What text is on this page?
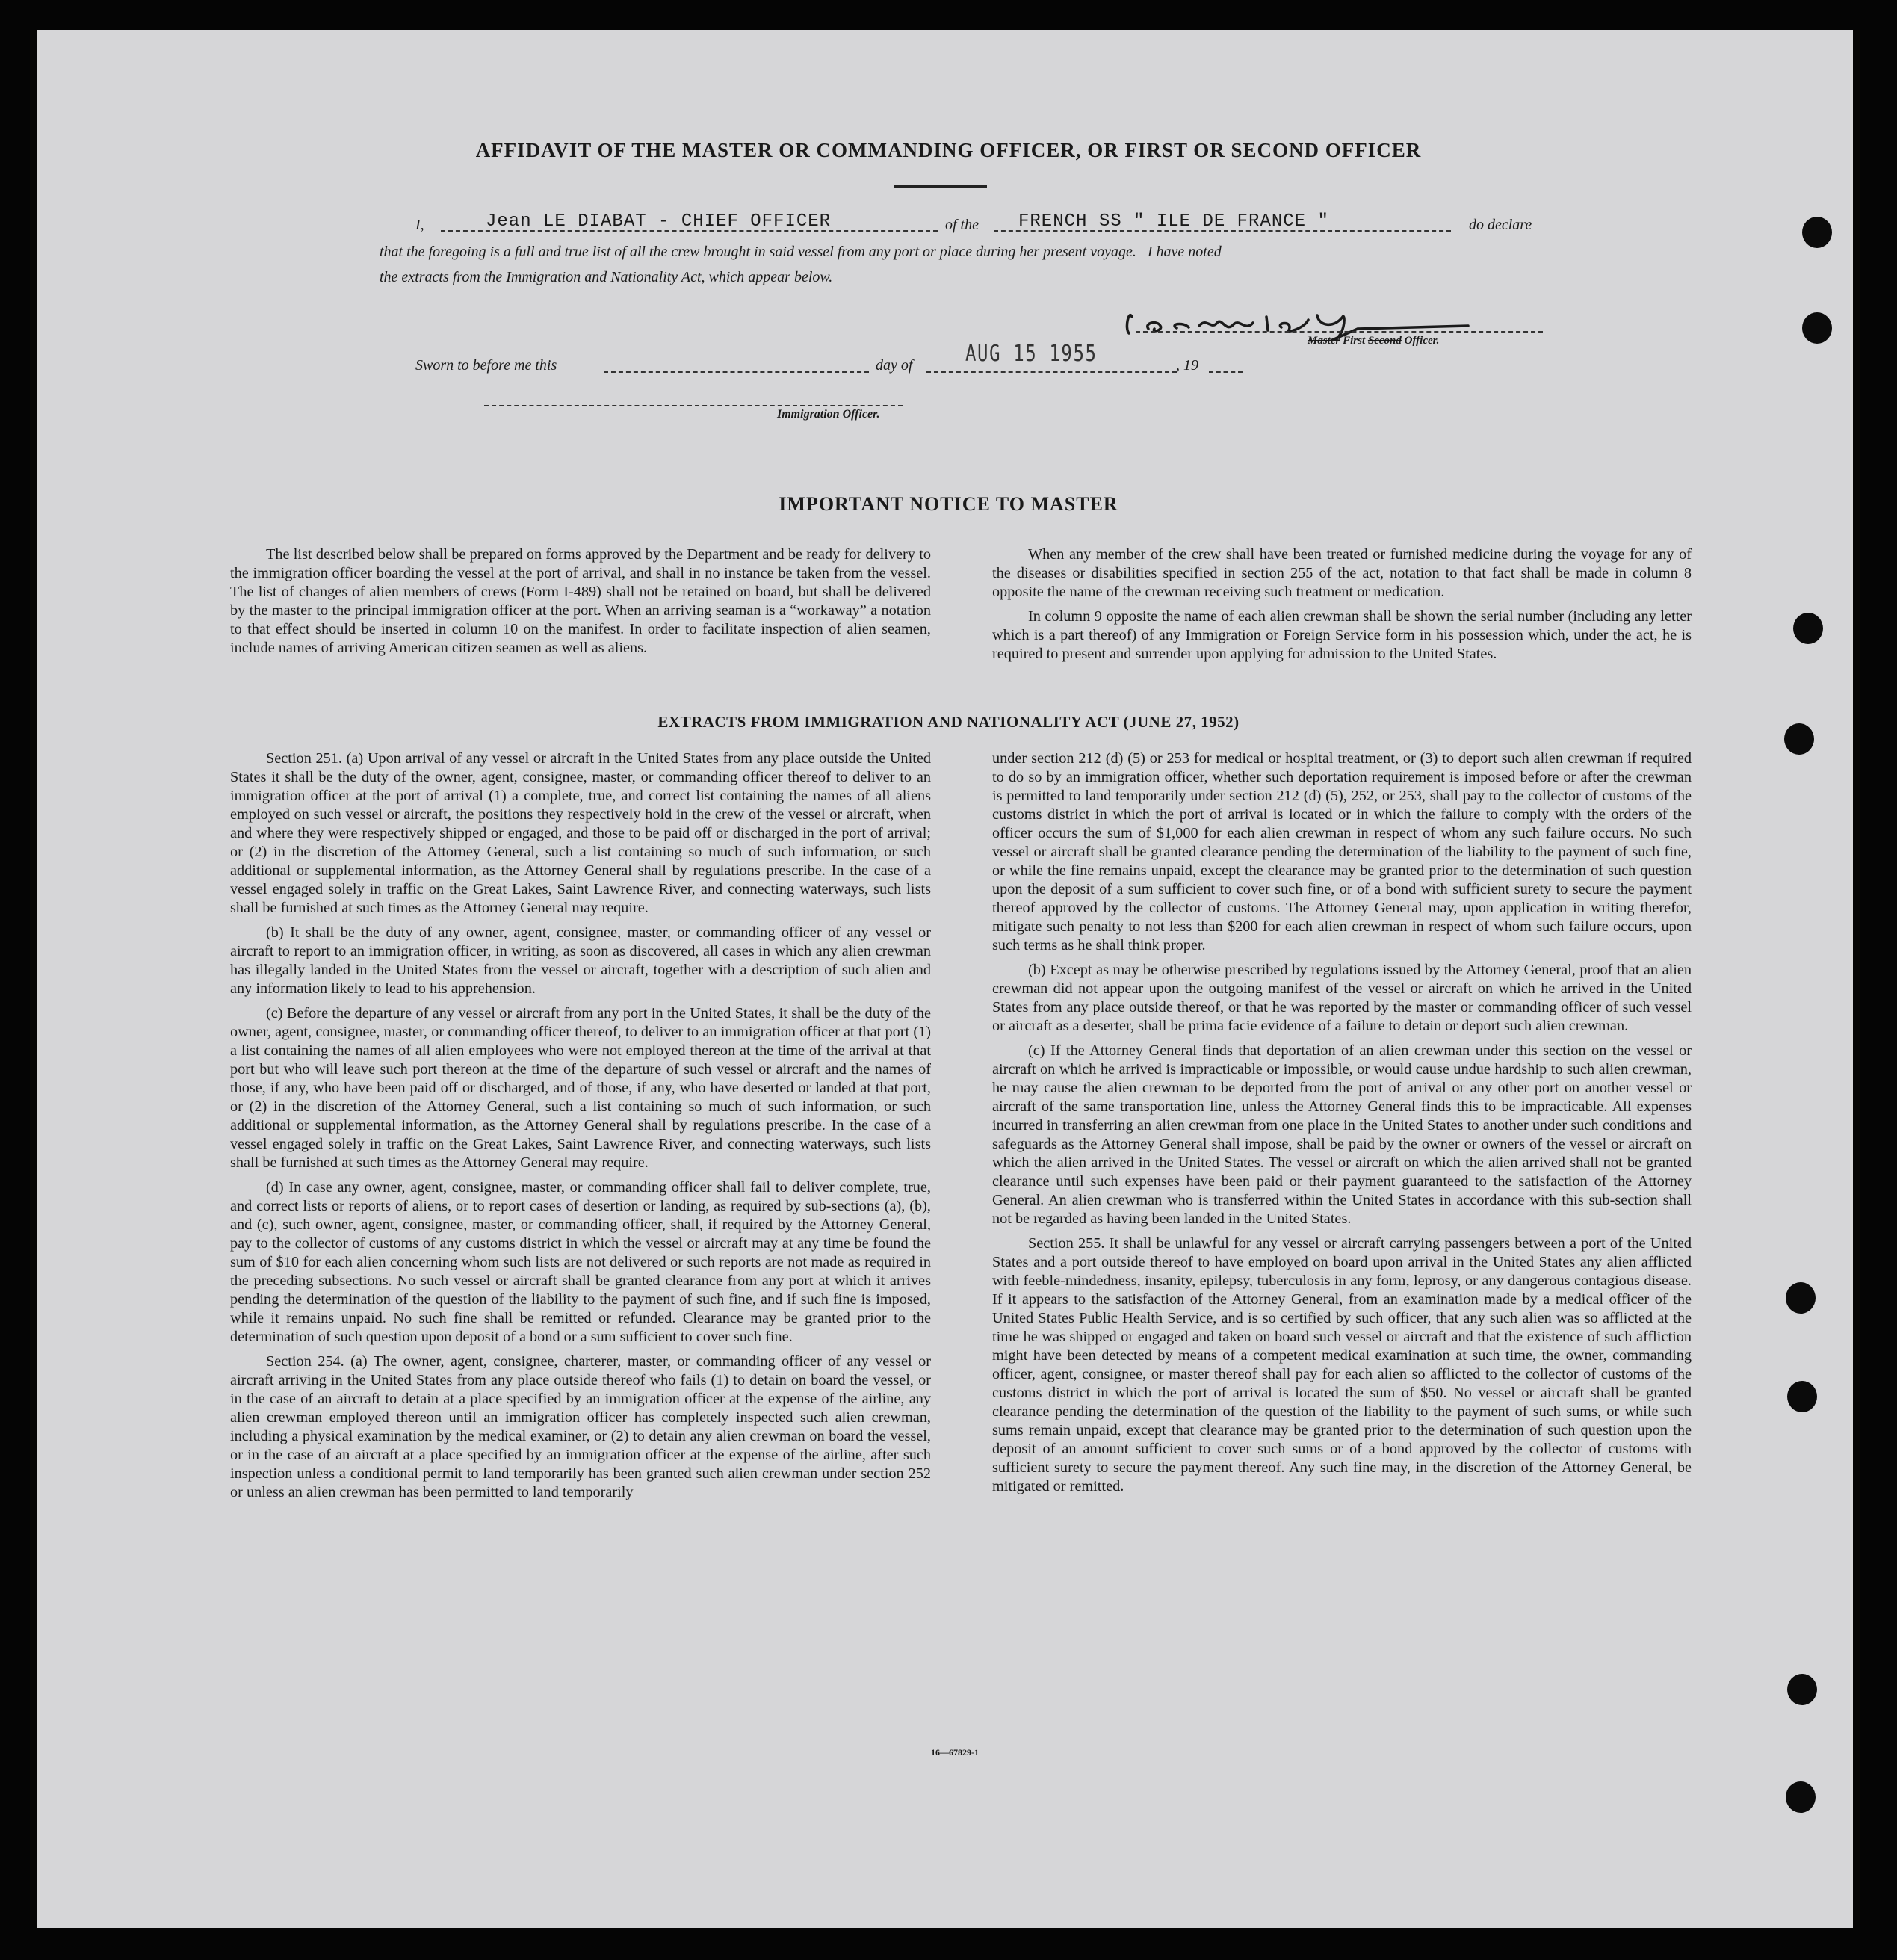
AFFIDAVIT OF THE MASTER OR COMMANDING OFFICER, OR FIRST OR SECOND OFFICER
I,	Jean LE DIABAT - CHIEF OFFICER	of the FRENCH SS " ILE DE FRANCE "	do declare
that the foregoing is a full and true list of all the crew brought in said vessel from any port or place during her present voyage.   I have noted
the extracts from the Immigration and Nationality Act, which appear below.
Master First Second Officer.
Sworn to before me this	day of AUG 15 1955	, 19
Immigration Officer.
IMPORTANT NOTICE TO MASTER

The list described below shall be prepared on forms approved by the Department and be ready for delivery to the immigration officer boarding the vessel at the port of arrival, and shall in no instance be taken from the vessel. The list of changes of alien members of crews (Form I-489) shall not be retained on board, but shall be delivered by the master to the principal immigration officer at the port. When an arriving seaman is a “workaway” a notation to that effect should be inserted in column 10 on the manifest. In order to facilitate inspection of alien seamen, include names of arriving American citizen seamen as well as aliens.

When any member of the crew shall have been treated or furnished medicine during the voyage for any of the diseases or disabilities specified in section 255 of the act, notation to that fact shall be made in column 8 opposite the name of the crewman receiving such treatment or medication.

In column 9 opposite the name of each alien crewman shall be shown the serial number (including any letter which is a part thereof) of any Immigration or Foreign Service form in his possession which, under the act, he is required to present and surrender upon applying for admission to the United States.

EXTRACTS FROM IMMIGRATION AND NATIONALITY ACT (JUNE 27, 1952)

Section 251. (a) Upon arrival of any vessel or aircraft in the United States from any place outside the United States it shall be the duty of the owner, agent, consignee, master, or commanding officer thereof to deliver to an immigration officer at the port of arrival (1) a complete, true, and correct list containing the names of all aliens employed on such vessel or aircraft, the positions they respectively hold in the crew of the vessel or aircraft, when and where they were respectively shipped or engaged, and those to be paid off or discharged in the port of arrival; or (2) in the discretion of the Attorney General, such a list containing so much of such information, or such additional or supplemental information, as the Attorney General shall by regulations prescribe. In the case of a vessel engaged solely in traffic on the Great Lakes, Saint Lawrence River, and connecting waterways, such lists shall be furnished at such times as the Attorney General may require.

(b) It shall be the duty of any owner, agent, consignee, master, or commanding officer of any vessel or aircraft to report to an immigration officer, in writing, as soon as discovered, all cases in which any alien crewman has illegally landed in the United States from the vessel or aircraft, together with a description of such alien and any information likely to lead to his apprehension.

(c) Before the departure of any vessel or aircraft from any port in the United States, it shall be the duty of the owner, agent, consignee, master, or commanding officer thereof, to deliver to an immigration officer at that port (1) a list containing the names of all alien employees who were not employed thereon at the time of the arrival at that port but who will leave such port thereon at the time of the departure of such vessel or aircraft and the names of those, if any, who have been paid off or discharged, and of those, if any, who have deserted or landed at that port, or (2) in the discretion of the Attorney General, such a list containing so much of such information, or such additional or supplemental information, as the Attorney General shall by regulations prescribe. In the case of a vessel engaged solely in traffic on the Great Lakes, Saint Lawrence River, and connecting waterways, such lists shall be furnished at such times as the Attorney General may require.

(d) In case any owner, agent, consignee, master, or commanding officer shall fail to deliver complete, true, and correct lists or reports of aliens, or to report cases of desertion or landing, as required by sub-sections (a), (b), and (c), such owner, agent, consignee, master, or commanding officer, shall, if required by the Attorney General, pay to the collector of customs of any customs district in which the vessel or aircraft may at any time be found the sum of $10 for each alien concerning whom such lists are not delivered or such reports are not made as required in the preceding subsections. No such vessel or aircraft shall be granted clearance from any port at which it arrives pending the determination of the question of the liability to the payment of such fine, and if such fine is imposed, while it remains unpaid. No such fine shall be remitted or refunded. Clearance may be granted prior to the determination of such question upon deposit of a bond or a sum sufficient to cover such fine.

Section 254. (a) The owner, agent, consignee, charterer, master, or commanding officer of any vessel or aircraft arriving in the United States from any place outside thereof who fails (1) to detain on board the vessel, or in the case of an aircraft to detain at a place specified by an immigration officer at the expense of the airline, any alien crewman employed thereon until an immigration officer has completely inspected such alien crewman, including a physical examination by the medical examiner, or (2) to detain any alien crewman on board the vessel, or in the case of an aircraft at a place specified by an immigration officer at the expense of the airline, after such inspection unless a conditional permit to land temporarily has been granted such alien crewman under section 252 or unless an alien crewman has been permitted to land temporarily

under section 212 (d) (5) or 253 for medical or hospital treatment, or (3) to deport such alien crewman if required to do so by an immigration officer, whether such deportation requirement is imposed before or after the crewman is permitted to land temporarily under section 212 (d) (5), 252, or 253, shall pay to the collector of customs of the customs district in which the port of arrival is located or in which the failure to comply with the orders of the officer occurs the sum of $1,000 for each alien crewman in respect of whom any such failure occurs. No such vessel or aircraft shall be granted clearance pending the determination of the liability to the payment of such fine, or while the fine remains unpaid, except the clearance may be granted prior to the determination of such question upon the deposit of a sum sufficient to cover such fine, or of a bond with sufficient surety to secure the payment thereof approved by the collector of customs. The Attorney General may, upon application in writing therefor, mitigate such penalty to not less than $200 for each alien crewman in respect of whom such failure occurs, upon such terms as he shall think proper.

(b) Except as may be otherwise prescribed by regulations issued by the Attorney General, proof that an alien crewman did not appear upon the outgoing manifest of the vessel or aircraft on which he arrived in the United States from any place outside thereof, or that he was reported by the master or commanding officer of such vessel or aircraft as a deserter, shall be prima facie evidence of a failure to detain or deport such alien crewman.

(c) If the Attorney General finds that deportation of an alien crewman under this section on the vessel or aircraft on which he arrived is impracticable or impossible, or would cause undue hardship to such alien crewman, he may cause the alien crewman to be deported from the port of arrival or any other port on another vessel or aircraft of the same transportation line, unless the Attorney General finds this to be impracticable. All expenses incurred in transferring an alien crewman from one place in the United States to another under such conditions and safeguards as the Attorney General shall impose, shall be paid by the owner or owners of the vessel or aircraft on which the alien arrived in the United States. The vessel or aircraft on which the alien arrived shall not be granted clearance until such expenses have been paid or their payment guaranteed to the satisfaction of the Attorney General. An alien crewman who is transferred within the United States in accordance with this sub-section shall not be regarded as having been landed in the United States.

Section 255. It shall be unlawful for any vessel or aircraft carrying passengers between a port of the United States and a port outside thereof to have employed on board upon arrival in the United States any alien afflicted with feeble-mindedness, insanity, epilepsy, tuberculosis in any form, leprosy, or any dangerous contagious disease. If it appears to the satisfaction of the Attorney General, from an examination made by a medical officer of the United States Public Health Service, and is so certified by such officer, that any such alien was so afflicted at the time he was shipped or engaged and taken on board such vessel or aircraft and that the existence of such affliction might have been detected by means of a competent medical examination at such time, the owner, commanding officer, agent, consignee, or master thereof shall pay for each alien so afflicted to the collector of customs of the customs district in which the port of arrival is located the sum of $50. No vessel or aircraft shall be granted clearance pending the determination of the question of the liability to the payment of such sums, or while such sums remain unpaid, except that clearance may be granted prior to the determination of such question upon the deposit of an amount sufficient to cover such sums or of a bond approved by the collector of customs with sufficient surety to secure the payment thereof. Any such fine may, in the discretion of the Attorney General, be mitigated or remitted.

16—67829-1
